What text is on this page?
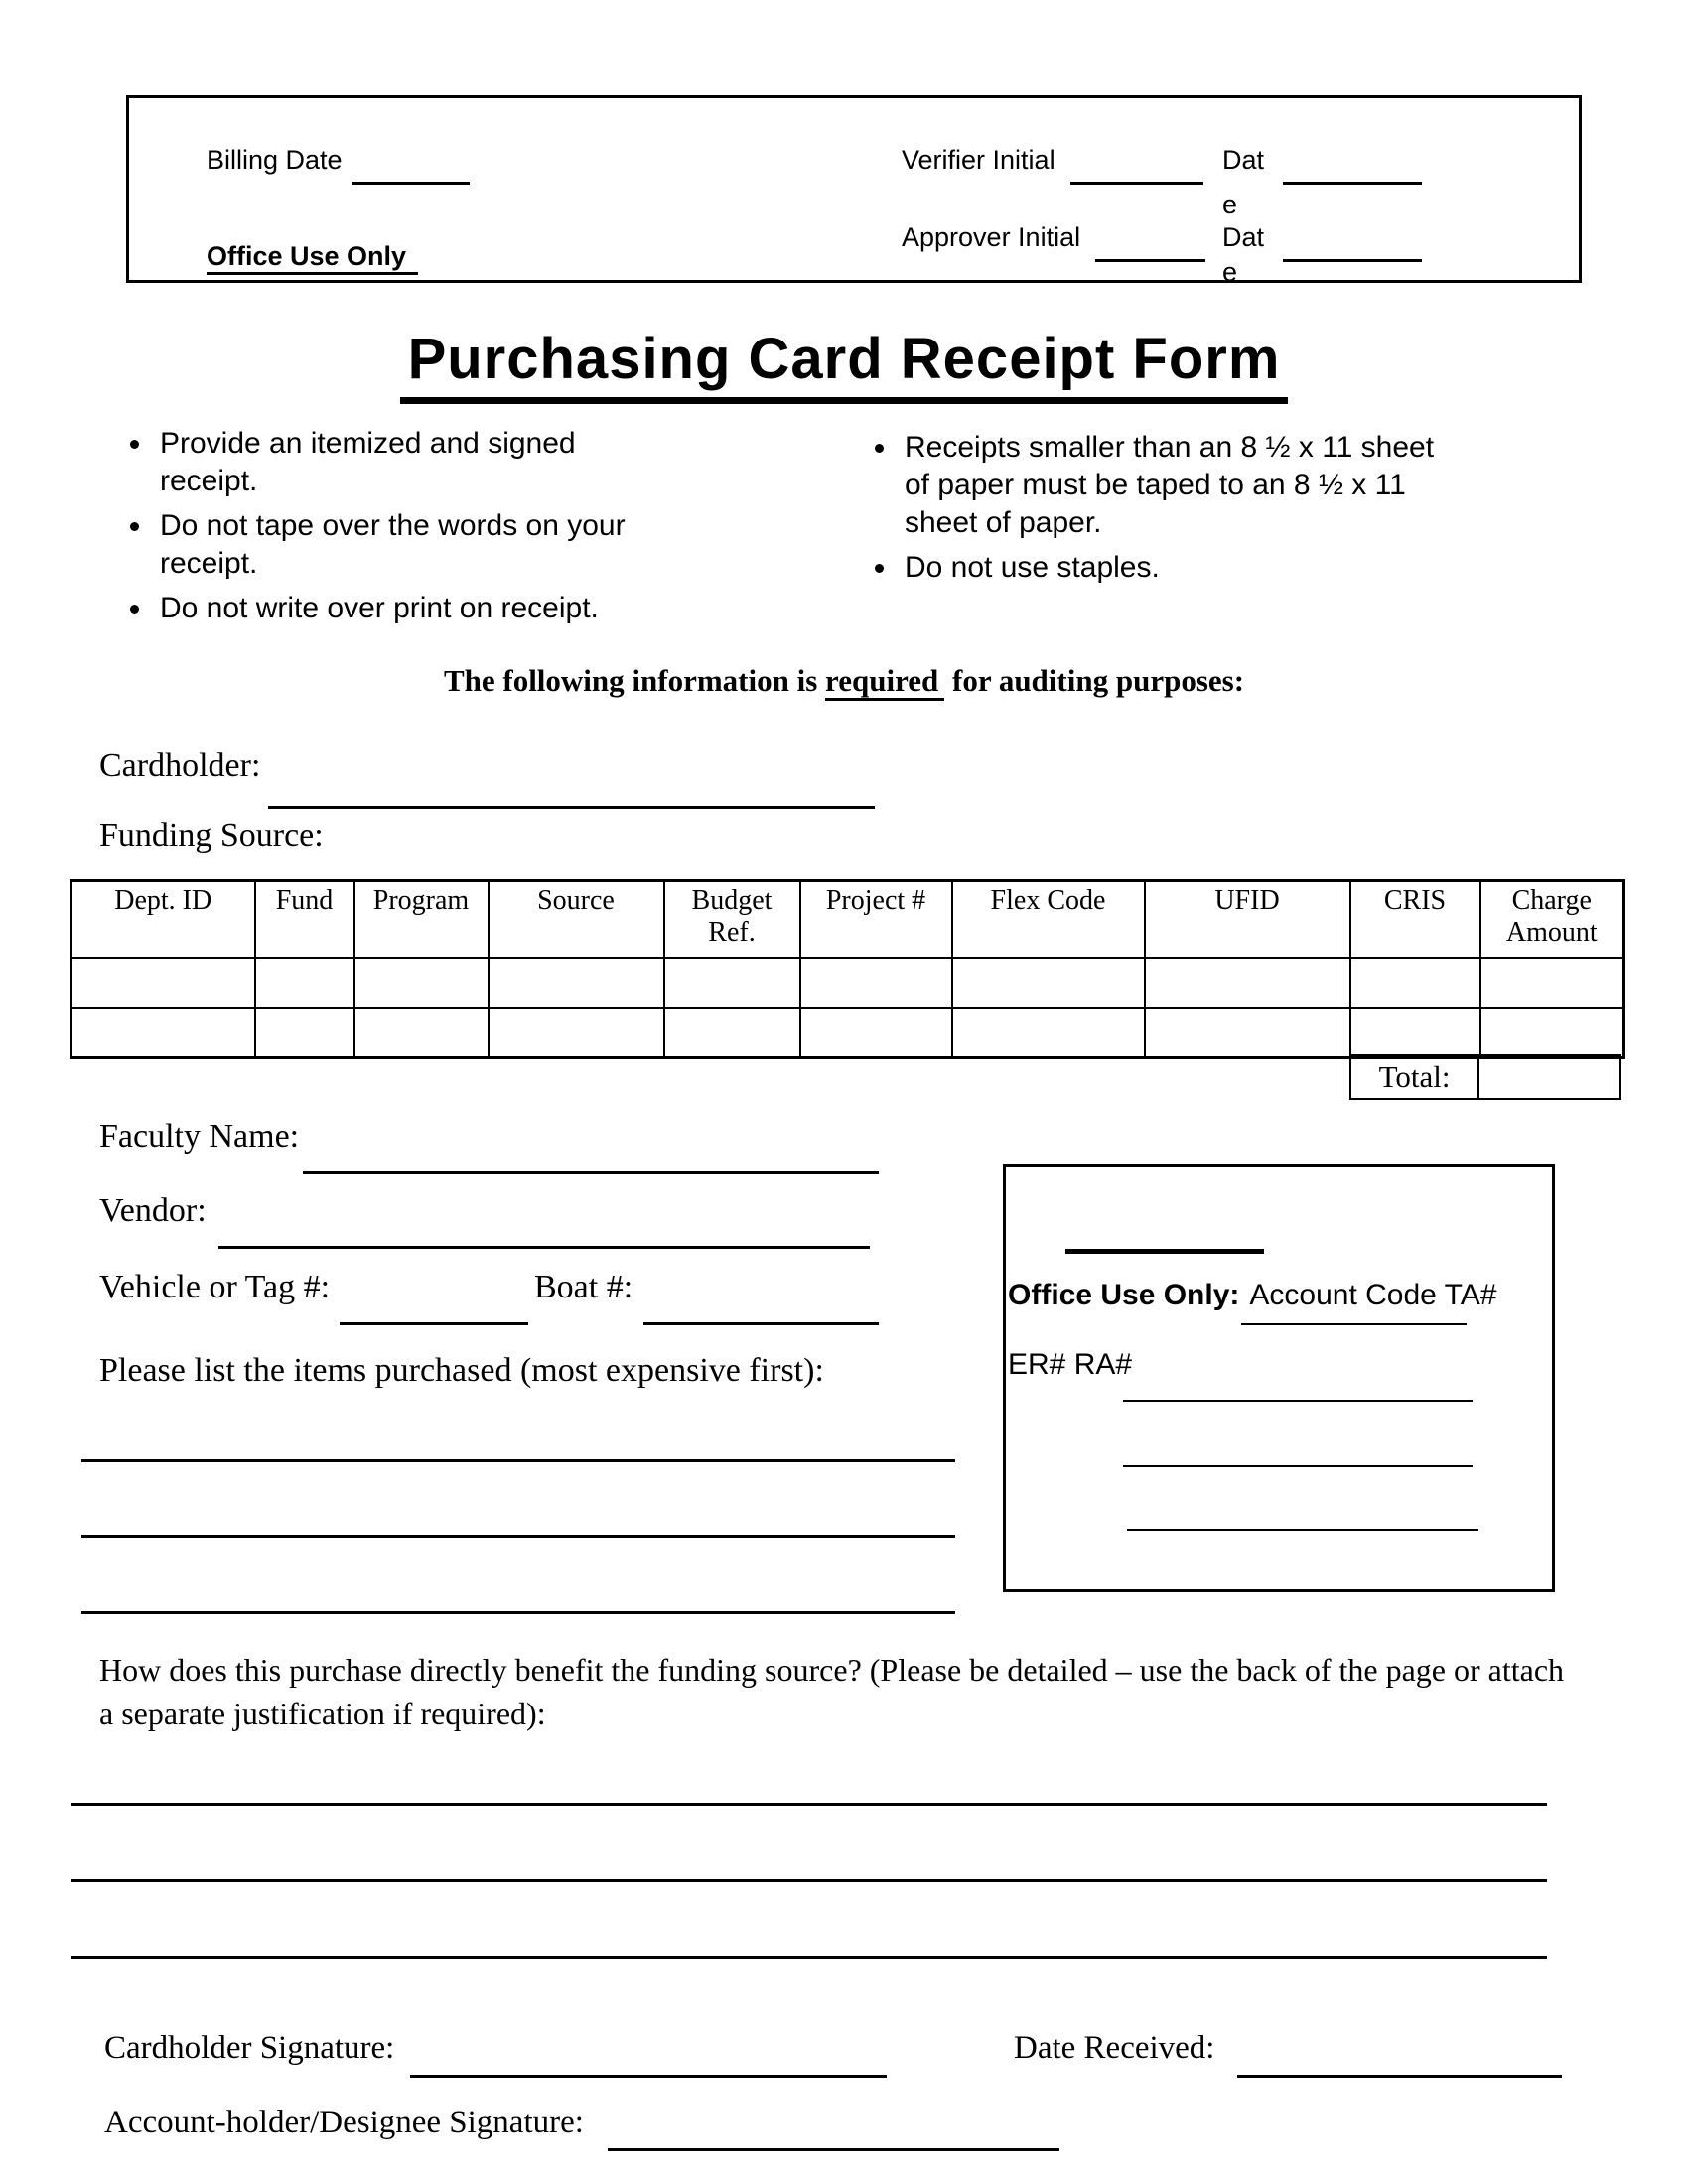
Billing Date	Verifier Initial	Dat
e
Approver Initial	Dat
e
Office Use Only
Purchasing Card Receipt Form
• Provide an itemized and signed receipt.
• Do not tape over the words on your receipt.
• Do not write over print on receipt.
• Receipts smaller than an 8 ½ x 11 sheet of paper must be taped to an 8 ½ x 11 sheet of paper.
• Do not use staples.
The following information is required for auditing purposes:
Cardholder:
Funding Source:
Dept. ID	Fund	Program	Source	Budget Ref.	Project #	Flex Code	UFID	CRIS	Charge Amount

Total:
Faculty Name:
Vendor:
Vehicle or Tag #:	Boat #:
Please list the items purchased (most expensive first):
Office Use Only: Account Code TA#
ER# RA#
How does this purchase directly benefit the funding source? (Please be detailed – use the back of the page or attach a separate justification if required):
Cardholder Signature:	Date Received:
Account-holder/Designee Signature:
